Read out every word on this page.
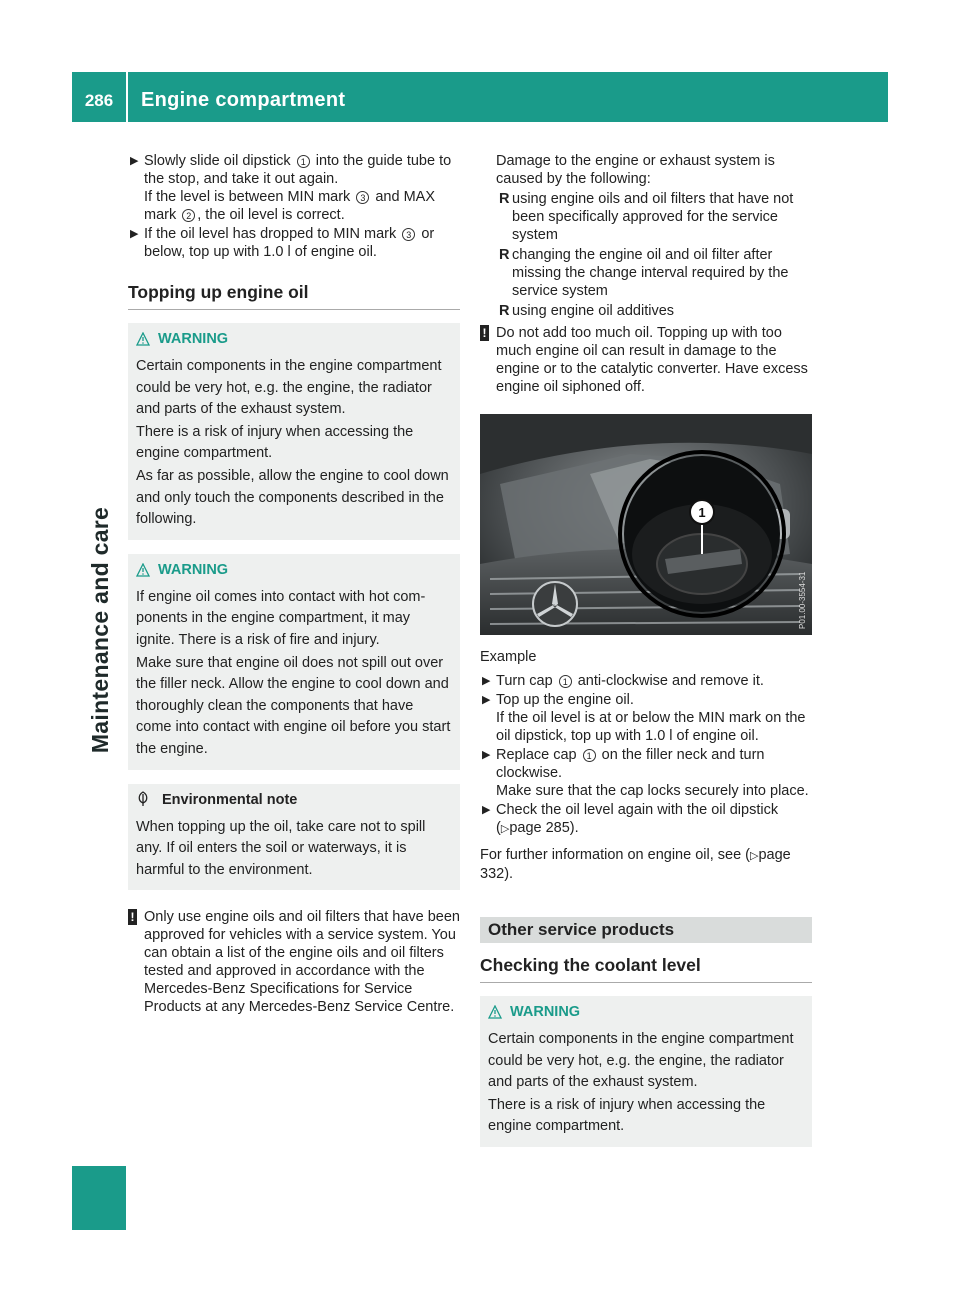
286	Engine compartment
Maintenance and care
▶ Slowly slide oil dipstick 1 into the guide tube to the stop, and take it out again.
If the level is between MIN mark 3 and MAX mark 2 , the oil level is correct.
▶ If the oil level has dropped to MIN mark 3 or below, top up with 1.0 l of engine oil.
Topping up engine oil
WARNING

Certain components in the engine compartment could be very hot, e.g. the engine, the radiator and parts of the exhaust system.

There is a risk of injury when accessing the engine compartment.

As far as possible, allow the engine to cool down and only touch the components described in the following.

WARNING

If engine oil comes into contact with hot components in the engine compartment, it may ignite. There is a risk of fire and injury.

Make sure that engine oil does not spill out over the filler neck. Allow the engine to cool down and thoroughly clean the components that have come into contact with engine oil before you start the engine.

Environmental note

When topping up the oil, take care not to spill any. If oil enters the soil or waterways, it is harmful to the environment.

! Only use engine oils and oil filters that have been approved for vehicles with a service system. You can obtain a list of the engine oils and oil filters tested and approved in accordance with the Mercedes-Benz Specifications for Service Products at any Mercedes-Benz Service Centre.
Damage to the engine or exhaust system is caused by the following:
R using engine oils and oil filters that have not been specifically approved for the service system
R changing the engine oil and oil filter after missing the change interval required by the service system
R using engine oil additives
! Do not add too much oil. Topping up with too much engine oil can result in damage to the engine or to the catalytic converter. Have excess engine oil siphoned off.
1
P01.00-3554-31
Example
▶ Turn cap 1 anti-clockwise and remove it.
▶ Top up the engine oil.
If the oil level is at or below the MIN mark on the oil dipstick, top up with 1.0 l of engine oil.
▶ Replace cap 1 on the filler neck and turn clockwise.
Make sure that the cap locks securely into place.
▶ Check the oil level again with the oil dipstick (▷page 285).
For further information on engine oil, see (▷page 332).
Other service products
Checking the coolant level
WARNING

Certain components in the engine compartment could be very hot, e.g. the engine, the radiator and parts of the exhaust system.

There is a risk of injury when accessing the engine compartment.
